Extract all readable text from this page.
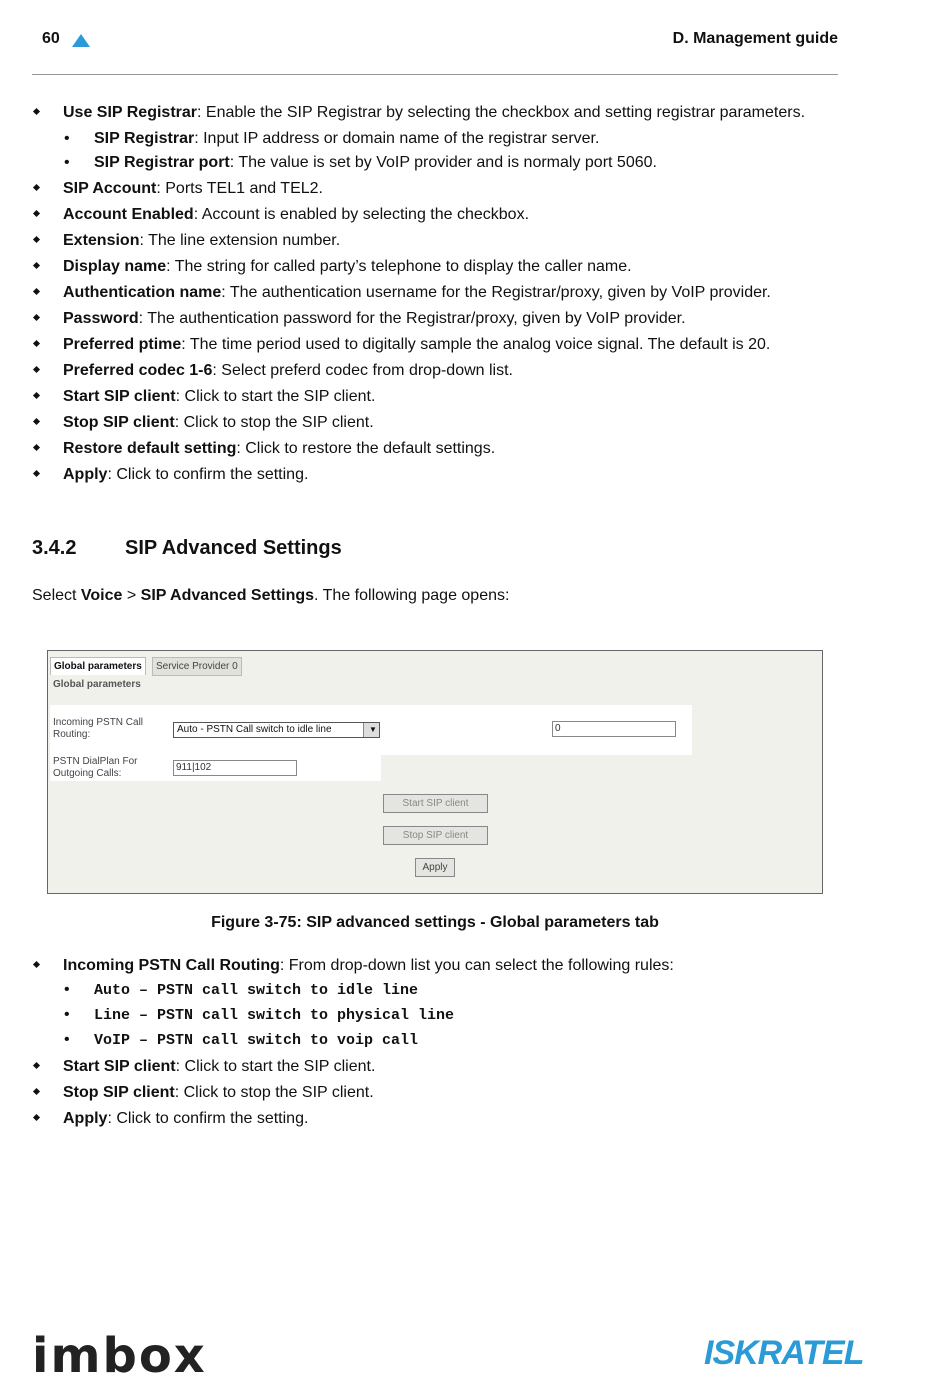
60	D. Management guide
Use SIP Registrar: Enable the SIP Registrar by selecting the checkbox and setting registrar parameters.
• SIP Registrar: Input IP address or domain name of the registrar server.
• SIP Registrar port: The value is set by VoIP provider and is normaly port 5060.
SIP Account: Ports TEL1 and TEL2.
Account Enabled: Account is enabled by selecting the checkbox.
Extension: The line extension number.
Display name: The string for called party’s telephone to display the caller name.
Authentication name: The authentication username for the Registrar/proxy, given by VoIP provider.
Password: The authentication password for the Registrar/proxy, given by VoIP provider.
Preferred ptime: The time period used to digitally sample the analog voice signal. The default is 20.
Preferred codec 1-6: Select preferd codec from drop-down list.
Start SIP client: Click to start the SIP client.
Stop SIP client: Click to stop the SIP client.
Restore default setting: Click to restore the default settings.
Apply: Click to confirm the setting.
3.4.2 SIP Advanced Settings
Select Voice > SIP Advanced Settings. The following page opens:
Global parameters	Service Provider 0
Global parameters
Incoming PSTN Call
Routing:	Auto - PSTN Call switch to idle line	▼	0
PSTN DialPlan For
Outgoing Calls:
911|102
Start SIP client
Stop SIP client
Apply
Figure 3-75: SIP advanced settings - Global parameters tab
Incoming PSTN Call Routing: From drop-down list you can select the following rules:
• Auto – PSTN call switch to idle line
• Line – PSTN call switch to physical line
• VoIP – PSTN call switch to voip call
Start SIP client: Click to start the SIP client.
Stop SIP client: Click to stop the SIP client.
Apply: Click to confirm the setting.
imbox	ISKRATEL
